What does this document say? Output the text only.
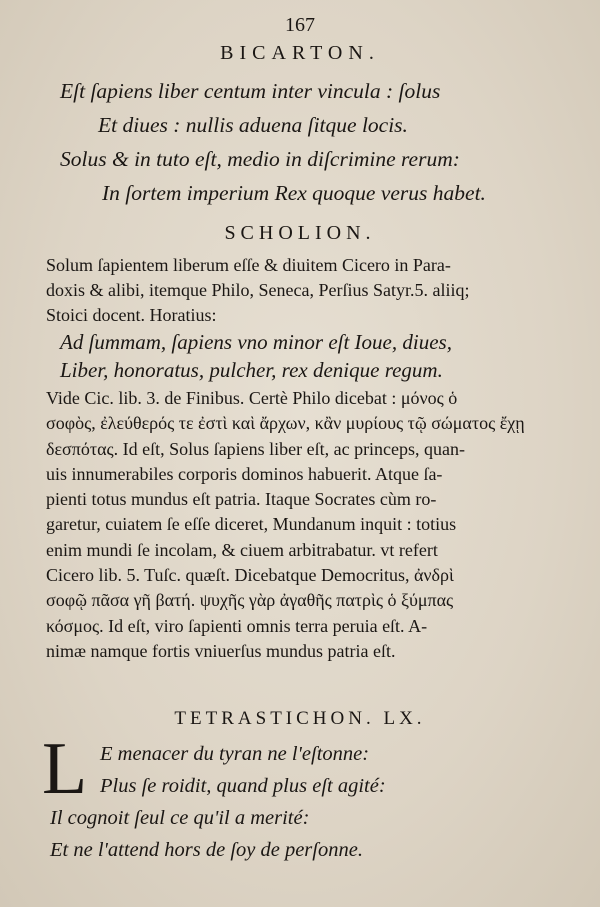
167
BICARTON.
Eſt ſapiens liber centum inter vincula : ſolus
Et diues : nullis aduena ſitque locis.
Solus & in tuto eſt, medio in diſcrimine rerum:
In ſortem imperium Rex quoque verus habet.
SCHOLION.
Solum ſapientem liberum eſſe & diuitem Cicero in Para-
doxis & alibi, itemque Philo, Seneca, Perſius Satyr.5. aliiq;
Stoici docent. Horatius:
Ad ſummam, ſapiens vno minor eſt Ioue, diues,
Liber, honoratus, pulcher, rex denique regum.
Vide Cic. lib. 3. de Finibus. Certè Philo dicebat : μόνος ὁ
σοφὸς, ἐλεύθερός τε ἐστὶ καὶ ἄρχων, κἂν μυρίους τῷ σώματος ἔχῃ
δεσπότας. Id eſt, Solus ſapiens liber eſt, ac princeps, quan-
uis innumerabiles corporis dominos habuerit. Atque ſa-
pienti totus mundus eſt patria. Itaque Socrates cùm ro-
garetur, cuiatem ſe eſſe diceret, Mundanum inquit : totius
enim mundi ſe incolam, & ciuem arbitrabatur. vt refert
Cicero lib. 5. Tuſc. quæſt. Dicebatque Democritus, ἀνδρὶ
σοφῷ πᾶσα γῆ βατή. ψυχῆς γὰρ ἀγαθῆς πατρὶς ὁ ξύμπας
κόσμος. Id eſt, viro ſapienti omnis terra peruia eſt. A-
nimæ namque fortis vniuerſus mundus patria eſt.
TETRASTICHON. LX.
L E menacer du tyran ne l'eſtonne:
Plus ſe roidit, quand plus eſt agité:
Il cognoit ſeul ce qu'il a merité:
Et ne l'attend hors de ſoy de perſonne.
